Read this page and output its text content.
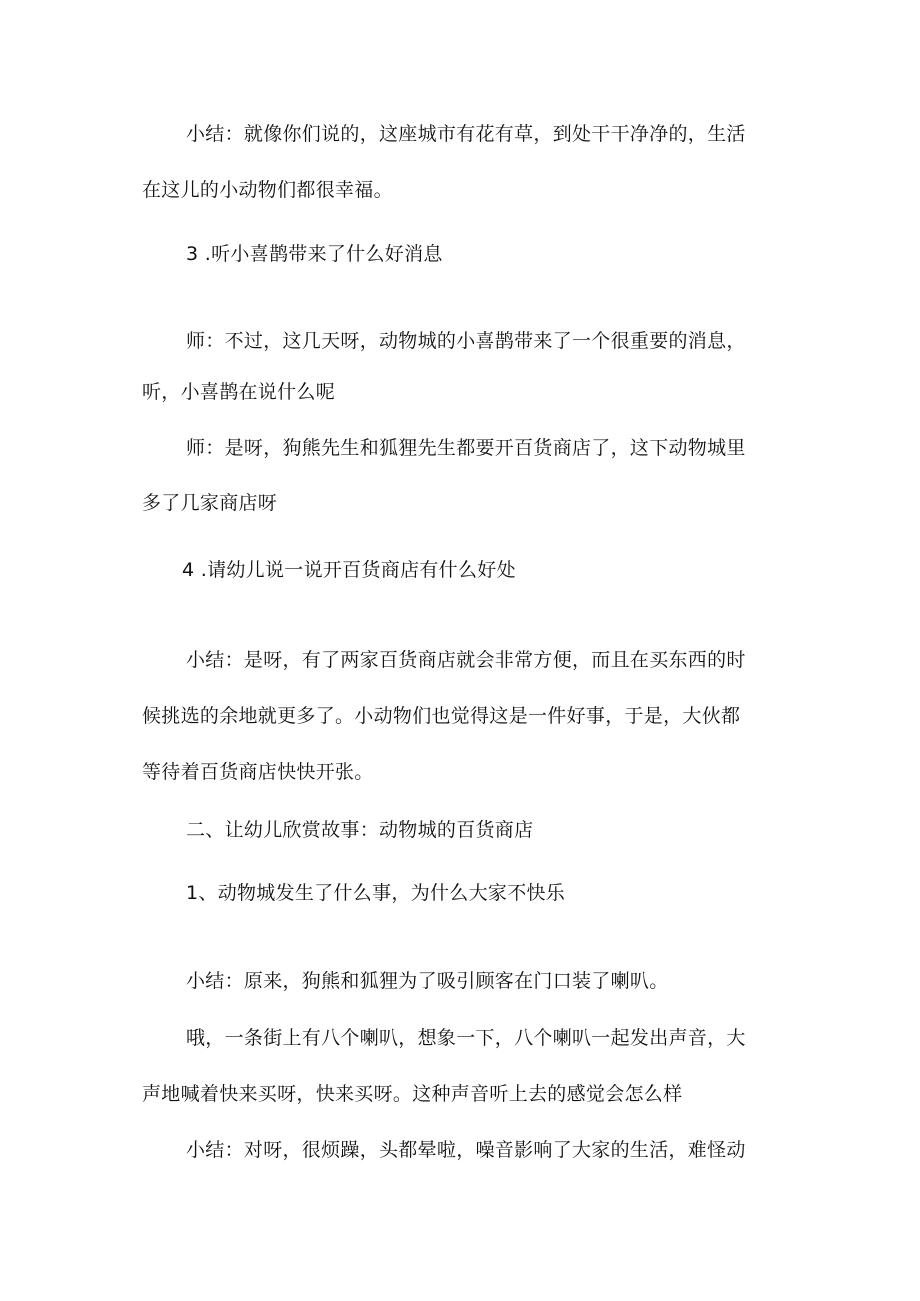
小结：就像你们说的，这座城市有花有草，到处干干净净的，生活
在这儿的小动物们都很幸福。
3 .听小喜鹊带来了什么好消息
师：不过，这几天呀，动物城的小喜鹊带来了一个很重要的消息，
听，小喜鹊在说什么呢
师：是呀，狗熊先生和狐狸先生都要开百货商店了，这下动物城里
多了几家商店呀
4 .请幼儿说一说开百货商店有什么好处
小结：是呀，有了两家百货商店就会非常方便，而且在买东西的时
候挑选的余地就更多了。小动物们也觉得这是一件好事，于是，大伙都
等待着百货商店快快开张。
二、让幼儿欣赏故事：动物城的百货商店
1、动物城发生了什么事，为什么大家不快乐
小结：原来，狗熊和狐狸为了吸引顾客在门口装了喇叭。
哦，一条街上有八个喇叭，想象一下，八个喇叭一起发出声音，大
声地喊着快来买呀，快来买呀。这种声音听上去的感觉会怎么样
小结：对呀，很烦躁，头都晕啦，噪音影响了大家的生活，难怪动
